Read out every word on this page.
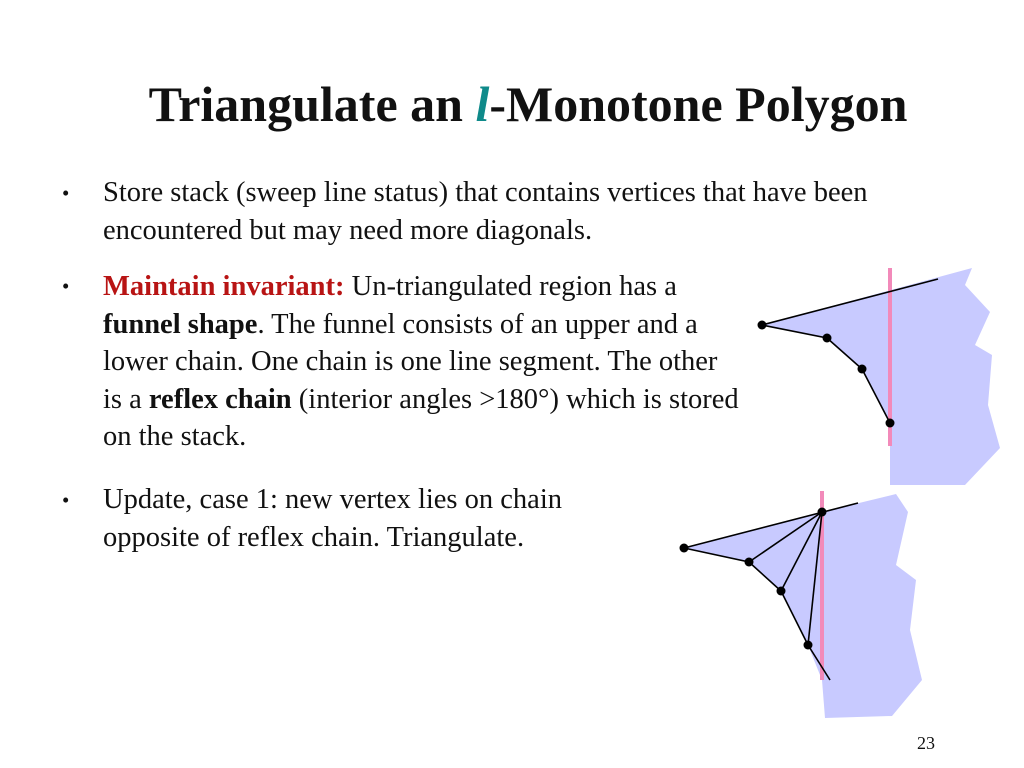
Triangulate an l-Monotone Polygon
• Store stack (sweep line status) that contains vertices that have been encountered but may need more diagonals.
• Maintain invariant: Un-triangulated region has a funnel shape. The funnel consists of an upper and a lower chain. One chain is one line segment. The other is a reflex chain (interior angles >180°) which is stored on the stack.
• Update, case 1: new vertex lies on chain opposite of reflex chain. Triangulate.
23
